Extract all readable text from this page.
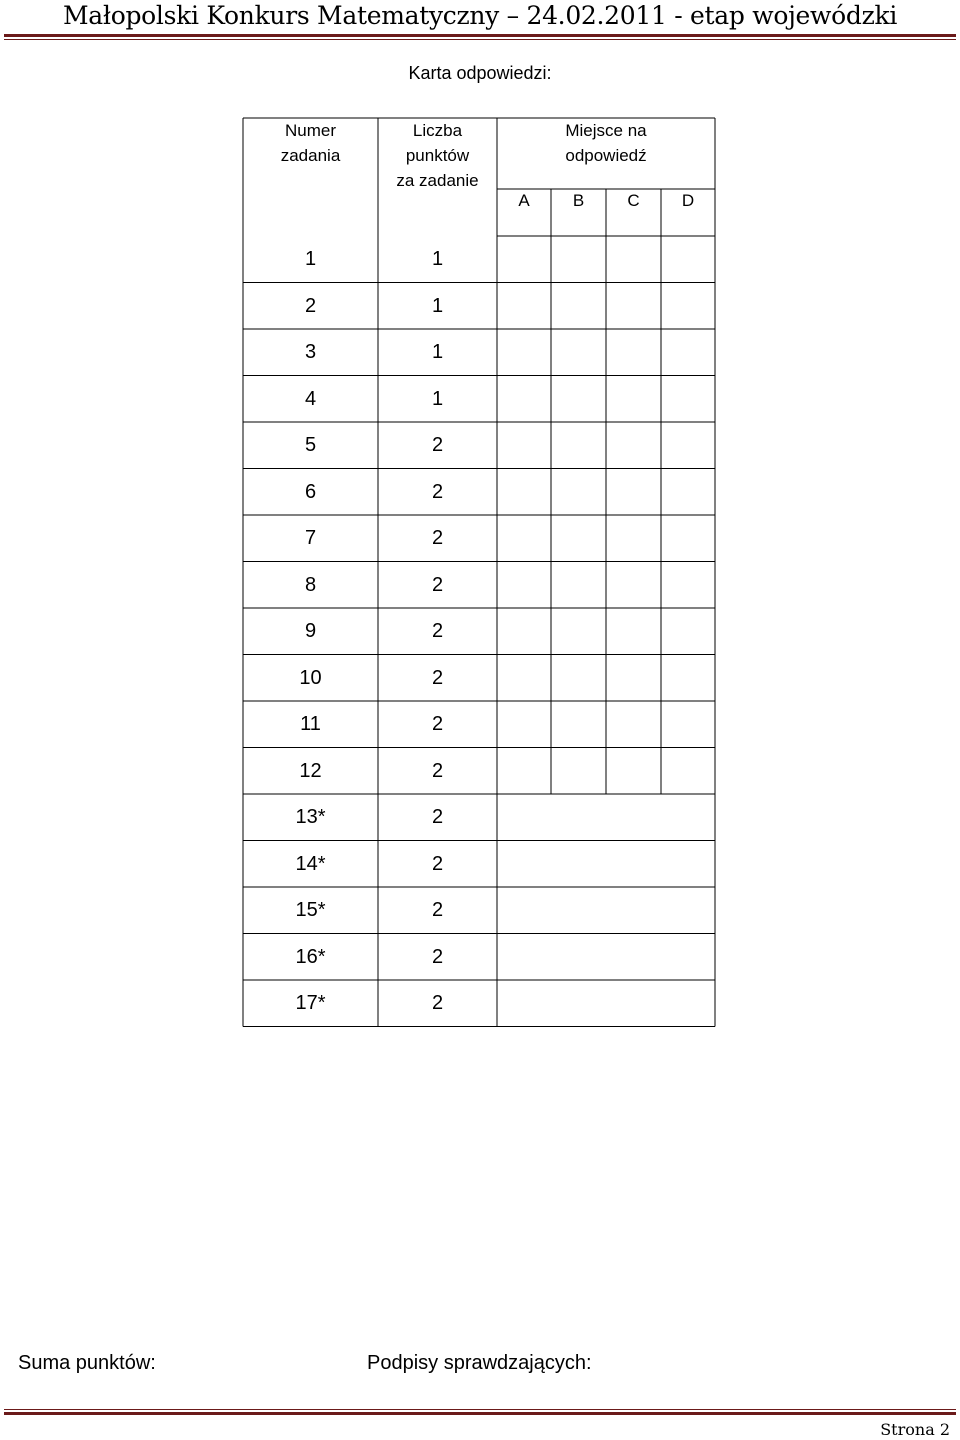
Małopolski Konkurs Matematyczny – 24.02.2011 - etap wojewódzki
Karta odpowiedzi:
Numer
zadania
Liczba
punktów
za zadanie
Miejsce na
odpowiedź
A	B	C	D
1	1
2	1
3	1
4	1
5	2
6	2
7	2
8	2
9	2
10	2
11	2
12	2
13*	2
14*	2
15*	2
16*	2
17*	2
Suma punktów:	Podpisy sprawdzających:
Strona 2
